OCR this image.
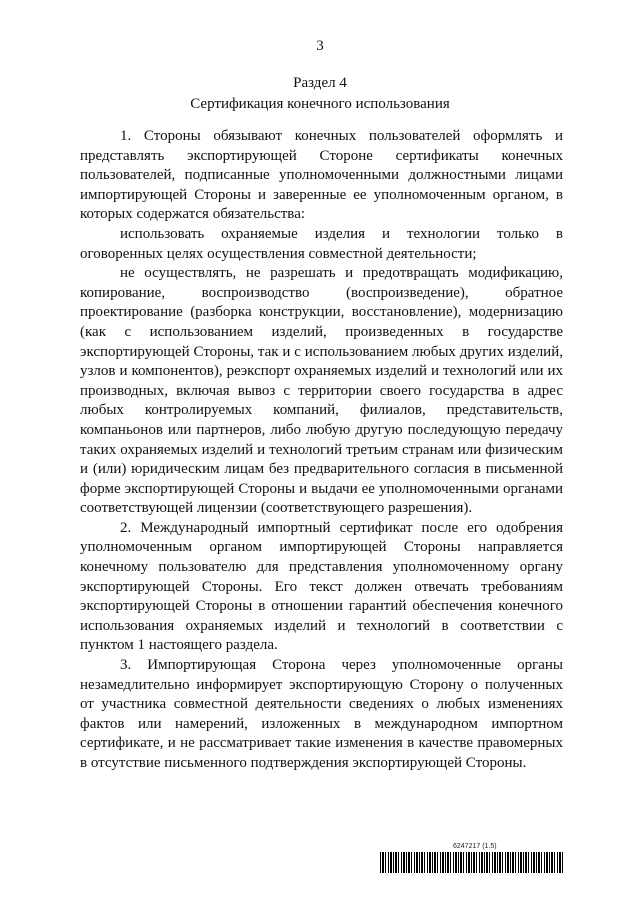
3
Раздел 4
Сертификация конечного использования

1. Стороны обязывают конечных пользователей оформлять и представлять экспортирующей Стороне сертификаты конечных пользователей, подписанные уполномоченными должностными лицами импортирующей Стороны и заверенные ее уполномоченным органом, в которых содержатся обязательства:

использовать охраняемые изделия и технологии только в оговоренных целях осуществления совместной деятельности;

не осуществлять, не разрешать и предотвращать модификацию, копирование, воспроизводство (воспроизведение), обратное проектирование (разборка конструкции, восстановление), модернизацию (как с использованием изделий, произведенных в государстве экспортирующей Стороны, так и с использованием любых других изделий, узлов и компонентов), реэкспорт охраняемых изделий и технологий или их производных, включая вывоз с территории своего государства в адрес любых контролируемых компаний, филиалов, представительств, компаньонов или партнеров, либо любую другую последующую передачу таких охраняемых изделий и технологий третьим странам или физическим и (или) юридическим лицам без предварительного согласия в письменной форме экспортирующей Стороны и выдачи ее уполномоченными органами соответствующей лицензии (соответствующего разрешения).

2. Международный импортный сертификат после его одобрения уполномоченным органом импортирующей Стороны направляется конечному пользователю для представления уполномоченному органу экспортирующей Стороны. Его текст должен отвечать требованиям экспортирующей Стороны в отношении гарантий обеспечения конечного использования охраняемых изделий и технологий в соответствии с пунктом 1 настоящего раздела.

3. Импортирующая Сторона через уполномоченные органы незамедлительно информирует экспортирующую Сторону о полученных от участника совместной деятельности сведениях о любых изменениях фактов или намерений, изложенных в международном импортном сертификате, и не рассматривает такие изменения в качестве правомерных в отсутствие письменного подтверждения экспортирующей Стороны.

6247217 (1.5)
